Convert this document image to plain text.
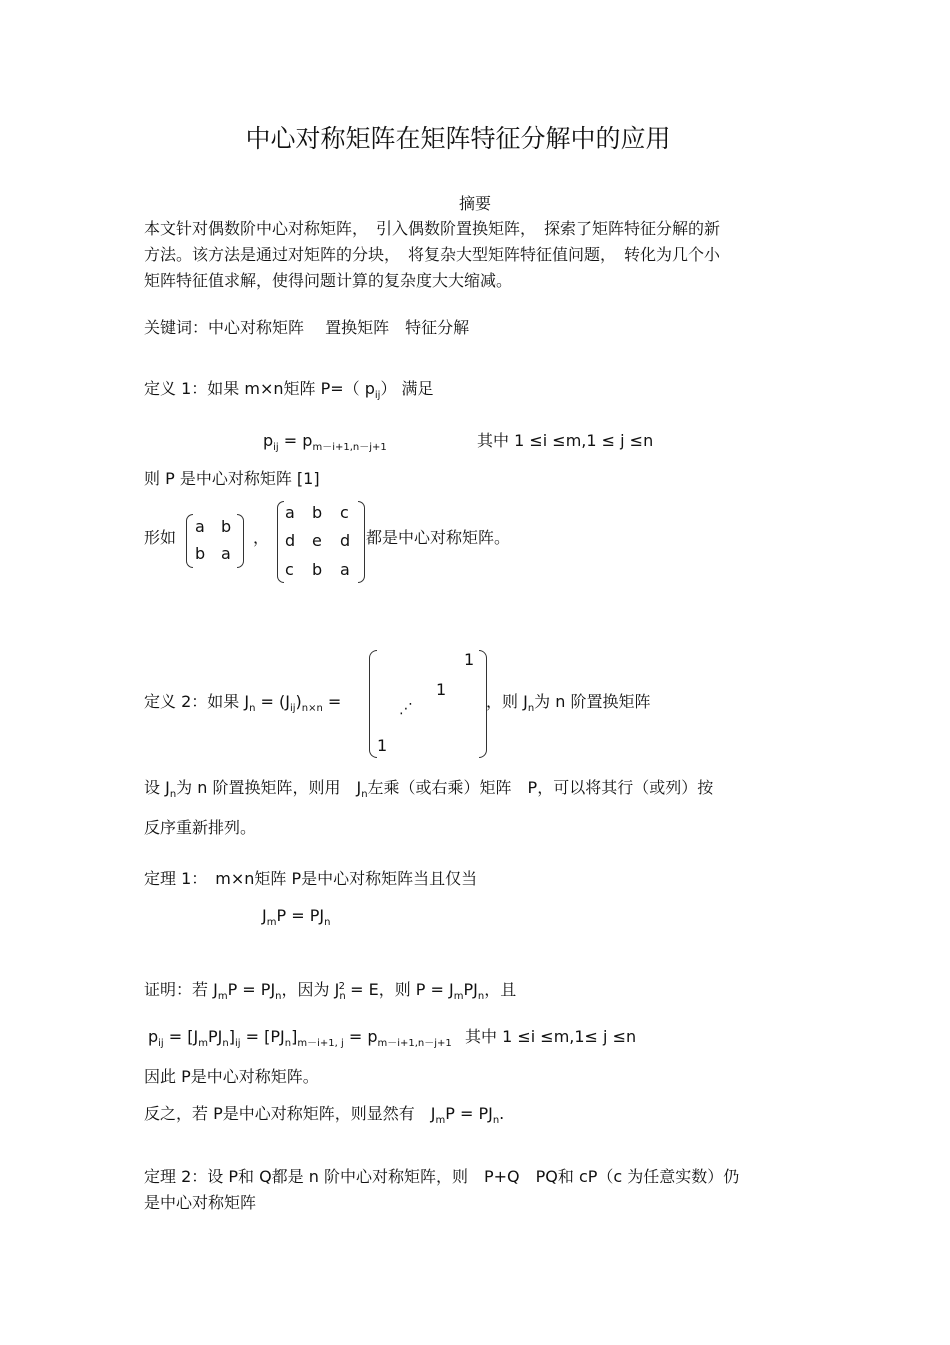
中心对称矩阵在矩阵特征分解中的应用
摘要
本文针对偶数阶中心对称矩阵，　引入偶数阶置换矩阵，　探索了矩阵特征分解的新
方法。该方法是通过对矩阵的分块，　将复杂大型矩阵特征值问题，　转化为几个小
矩阵特征值求解，使得问题计算的复杂度大大缩减。
关键词：中心对称矩阵　 置换矩阵　特征分解
定义 1：如果 m×n矩阵 P=（ $p_{ij}$） 满足
$p_{ij} = p_{m-i+1,n-j+1}$	其中 1 ≤i ≤m,1 ≤ j ≤n
则 P 是中心对称矩阵 [1]
形如
a b
b a
，
a b c
d e d
c b a
都是中心对称矩阵。
定义 2：如果 $J_n = (J_{ij})_{n\times n}$ =
1
1
⋰
1
，则 $J_n$为 n 阶置换矩阵
设 $J_n$为 n 阶置换矩阵，则用　$J_n$左乘（或右乘）矩阵　P，可以将其行（或列）按
反序重新排列。
定理 1：　m×n矩阵 P是中心对称矩阵当且仅当
$J_mP = PJ_n$
证明：若 $J_mP = PJ_n$，因为 $J_n^2 = E$，则 $P = J_mPJ_n$，且
$p_{ij} = [J_mPJ_n]_{ij} = [PJ_n]_{m-i+1, j} = p_{m-i+1,n-j+1}$ 其中 1 ≤i ≤m,1≤ j ≤n
因此 P是中心对称矩阵。
反之，若 P是中心对称矩阵，则显然有　$J_mP = PJ_n$.
定理 2：设 P和 Q都是 n 阶中心对称矩阵，则　P+Q　PQ和 cP（c 为任意实数）仍
是中心对称矩阵
